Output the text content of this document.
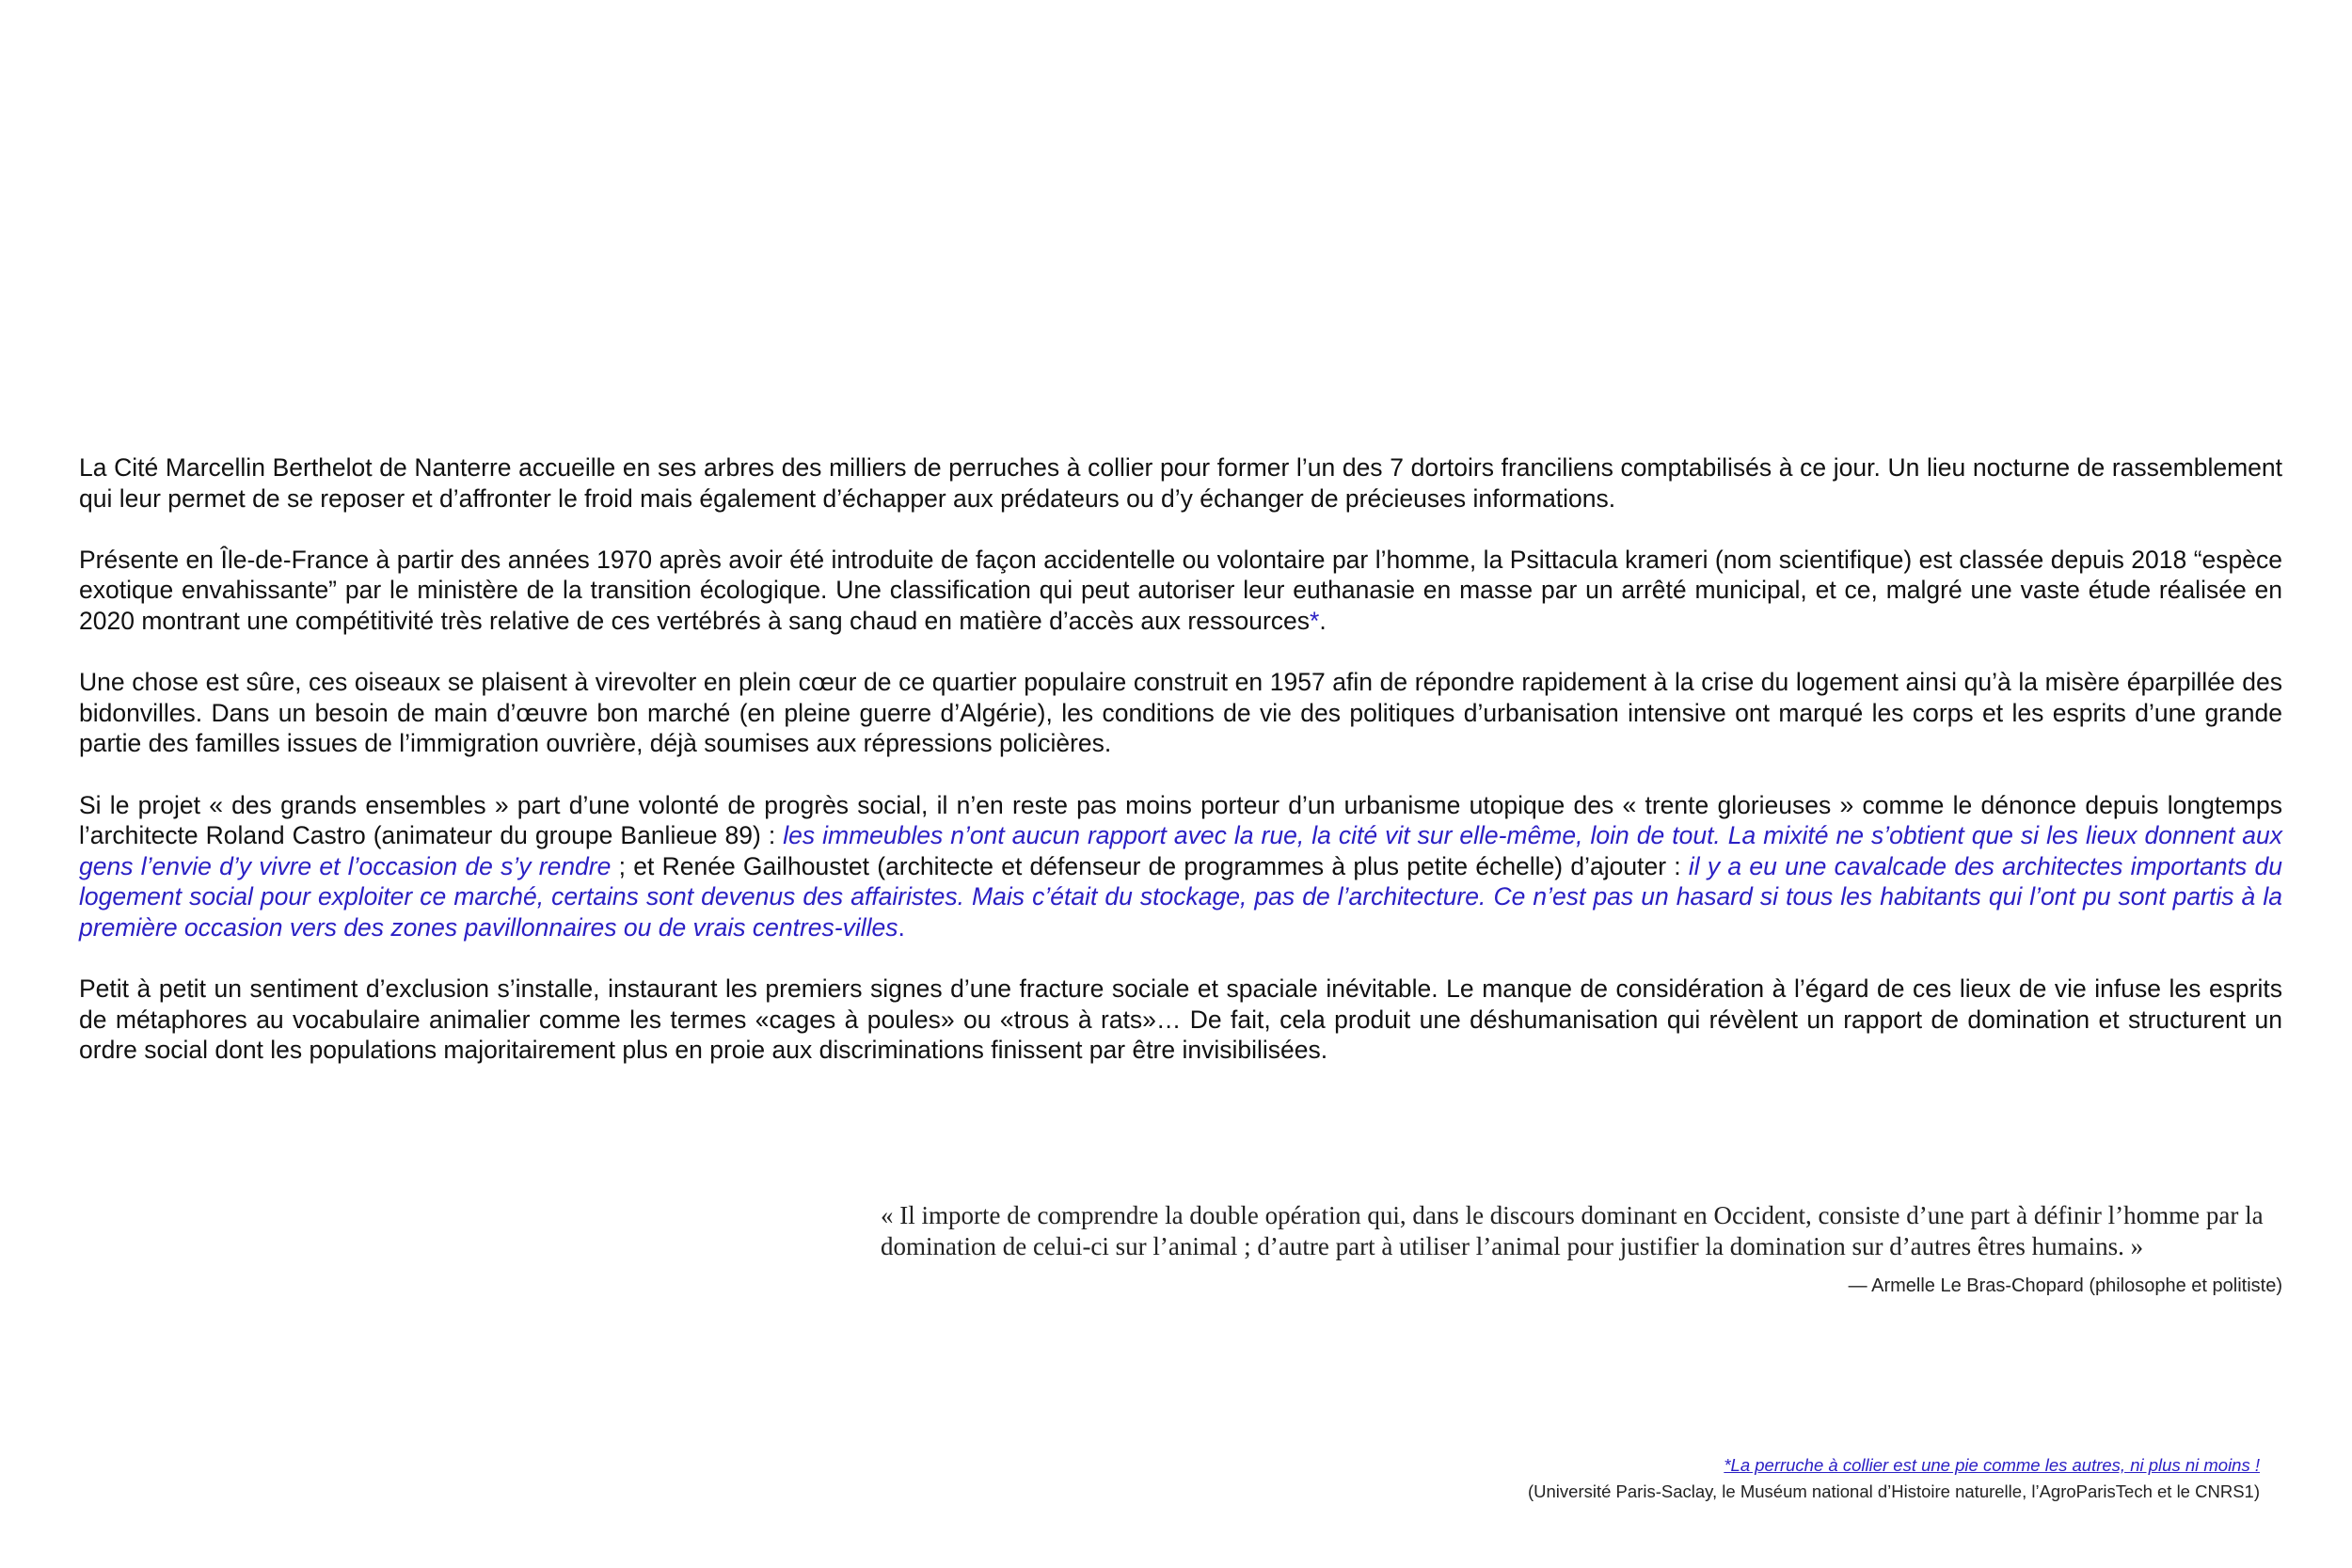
La Cité Marcellin Berthelot de Nanterre accueille en ses arbres des milliers de perruches à collier pour former l’un des 7 dortoirs franciliens comptabilisés à ce jour. Un lieu nocturne de rassemblement qui leur permet de se reposer et d’affronter le froid mais également d’échapper aux prédateurs ou d’y échanger de précieuses informations.

Présente en Île-de-France à partir des années 1970 après avoir été introduite de façon accidentelle ou volontaire par l’homme, la Psittacula krameri (nom scientifique) est classée depuis 2018 “espèce exotique envahissante” par le ministère de la transition écologique. Une classification qui peut autoriser leur euthanasie en masse par un arrêté municipal, et ce, malgré une vaste étude réalisée en 2020 montrant une compétitivité très relative de ces vertébrés à sang chaud en matière d’accès aux ressources*.

Une chose est sûre, ces oiseaux se plaisent à virevolter en plein cœur de ce quartier populaire construit en 1957 afin de répondre rapidement à la crise du logement ainsi qu’à la misère éparpillée des bidonvilles. Dans un besoin de main d’œuvre bon marché (en pleine guerre d’Algérie), les conditions de vie des politiques d’urbanisation intensive ont marqué les corps et les esprits d’une grande partie des familles issues de l’immigration ouvrière, déjà soumises aux répressions policières.

Si le projet « des grands ensembles » part d’une volonté de progrès social, il n’en reste pas moins porteur d’un urbanisme utopique des « trente glorieuses » comme le dénonce depuis longtemps l’architecte Roland Castro (animateur du groupe Banlieue 89) : les immeubles n’ont aucun rapport avec la rue, la cité vit sur elle-même, loin de tout. La mixité ne s’obtient que si les lieux donnent aux gens l’envie d’y vivre et l’occasion de s’y rendre ; et Renée Gailhoustet (architecte et défenseur de programmes à plus petite échelle) d’ajouter : il y a eu une cavalcade des architectes importants du logement social pour exploiter ce marché, certains sont devenus des affairistes. Mais c’était du stockage, pas de l’architecture. Ce n’est pas un hasard si tous les habitants qui l’ont pu sont partis à la première occasion vers des zones pavillonnaires ou de vrais centres-villes.

Petit à petit un sentiment d’exclusion s’installe, instaurant les premiers signes d’une fracture sociale et spaciale inévitable. Le manque de considération à l’égard de ces lieux de vie infuse les esprits de métaphores au vocabulaire animalier comme les termes «cages à poules» ou «trous à rats»… De fait, cela produit une déshumanisation qui révèlent un rapport de domination et structurent un ordre social dont les populations majoritairement plus en proie aux discriminations finissent par être invisibilisées.

« Il importe de comprendre la double opération qui, dans le discours dominant en Occident, consiste d’une part à définir l’homme par la domination de celui-ci sur l’animal ; d’autre part à utiliser l’animal pour justifier la domination sur d’autres êtres humains. »

— Armelle Le Bras-Chopard (philosophe et politiste)
*La perruche à collier est une pie comme les autres, ni plus ni moins !
(Université Paris-Saclay, le Muséum national d’Histoire naturelle, l’AgroParisTech et le CNRS1)
